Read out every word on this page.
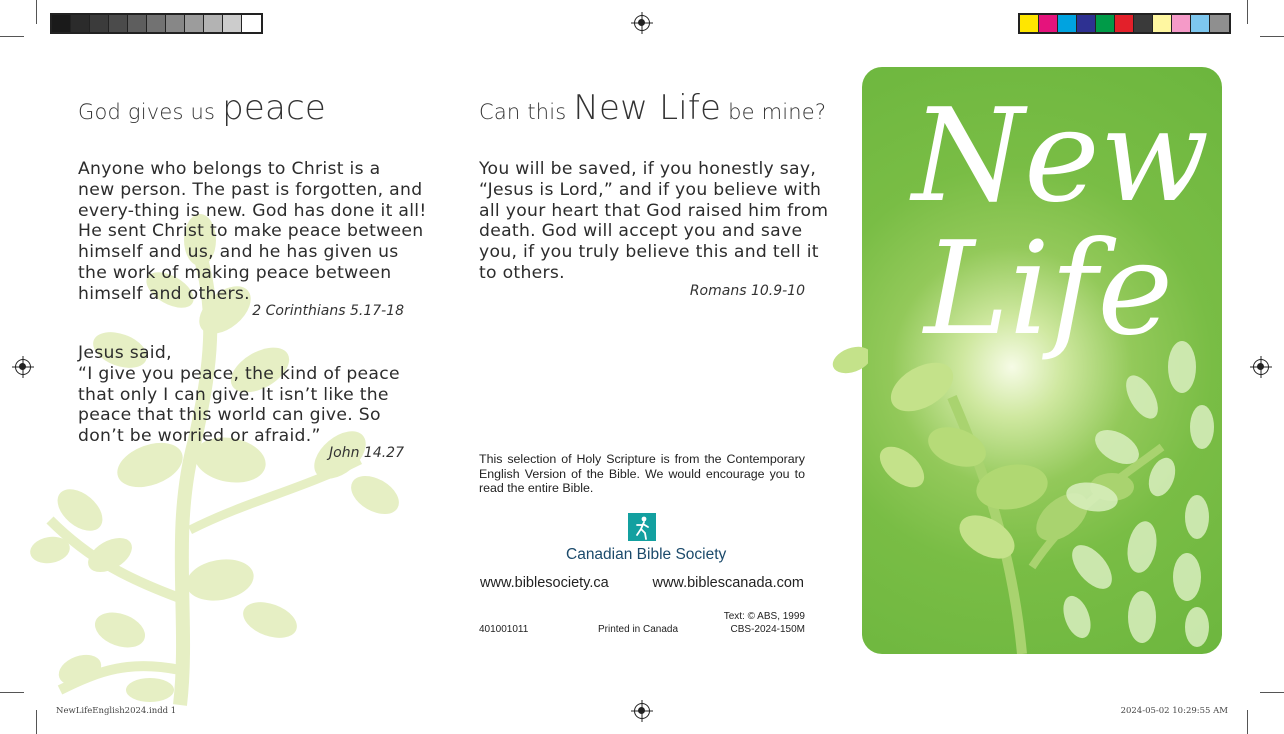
God gives us peace
Anyone who belongs to Christ is a
new person. The past is forgotten, and
every-thing is new. God has done it all!
He sent Christ to make peace between
himself and us, and he has given us
the work of making peace between
himself and others.
2 Corinthians 5.17-18
Jesus said,
“I give you peace, the kind of peace
that only I can give. It isn’t like the
peace that this world can give. So
don’t be worried or afraid.”
John 14.27
Can this New Life be mine?
You will be saved, if you honestly say,
“Jesus is Lord,” and if you believe with
all your heart that God raised him from
death. God will accept you and save
you, if you truly believe this and tell it
to others.
Romans 10.9-10
This selection of Holy Scripture is from the Contemporary English Version of the Bible. We would encourage you to read the entire Bible.
Canadian Bible Society
www.biblesociety.ca	www.biblescanada.com
Text: © ABS, 1999
401001011	Printed in Canada	CBS-2024-150M
New
Life
NewLifeEnglish2024.indd 1	2024-05-02 10:29:55 AM
